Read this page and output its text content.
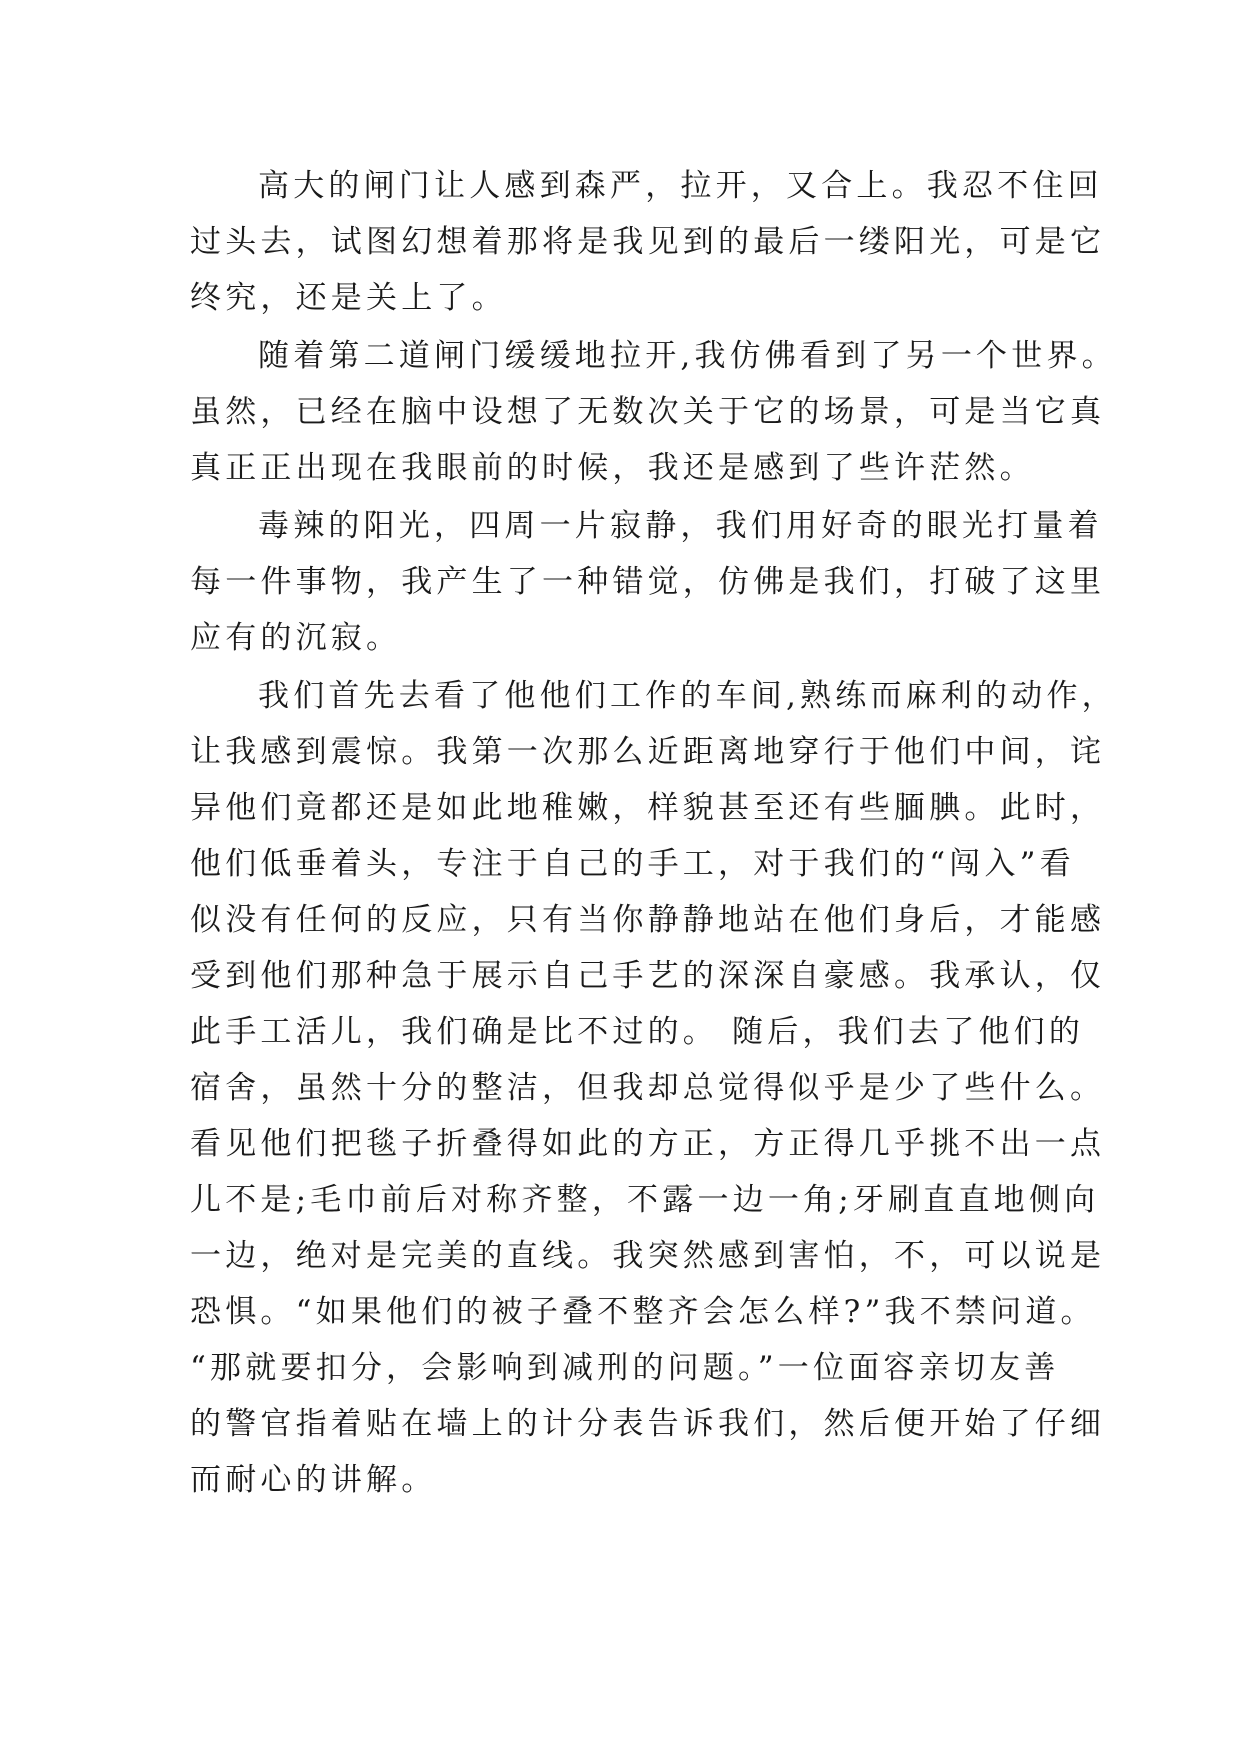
高大的闸门让人感到森严，拉开，又合上。我忍不住回
过头去，试图幻想着那将是我见到的最后一缕阳光，可是它
终究，还是关上了。
随着第二道闸门缓缓地拉开,我仿佛看到了另一个世界。
虽然，已经在脑中设想了无数次关于它的场景，可是当它真
真正正出现在我眼前的时候，我还是感到了些许茫然。
毒辣的阳光，四周一片寂静，我们用好奇的眼光打量着
每一件事物，我产生了一种错觉，仿佛是我们，打破了这里
应有的沉寂。
我们首先去看了他他们工作的车间,熟练而麻利的动作，
让我感到震惊。我第一次那么近距离地穿行于他们中间，诧
异他们竟都还是如此地稚嫩，样貌甚至还有些腼腆。此时，
他们低垂着头，专注于自己的手工，对于我们的“闯入”看
似没有任何的反应，只有当你静静地站在他们身后，才能感
受到他们那种急于展示自己手艺的深深自豪感。我承认，仅
此手工活儿，我们确是比不过的。 随后，我们去了他们的
宿舍，虽然十分的整洁，但我却总觉得似乎是少了些什么。
看见他们把毯子折叠得如此的方正，方正得几乎挑不出一点
儿不是;毛巾前后对称齐整，不露一边一角;牙刷直直地侧向
一边，绝对是完美的直线。我突然感到害怕，不，可以说是
恐惧。“如果他们的被子叠不整齐会怎么样?”我不禁问道。
“那就要扣分，会影响到减刑的问题。”一位面容亲切友善
的警官指着贴在墙上的计分表告诉我们，然后便开始了仔细
而耐心的讲解。
